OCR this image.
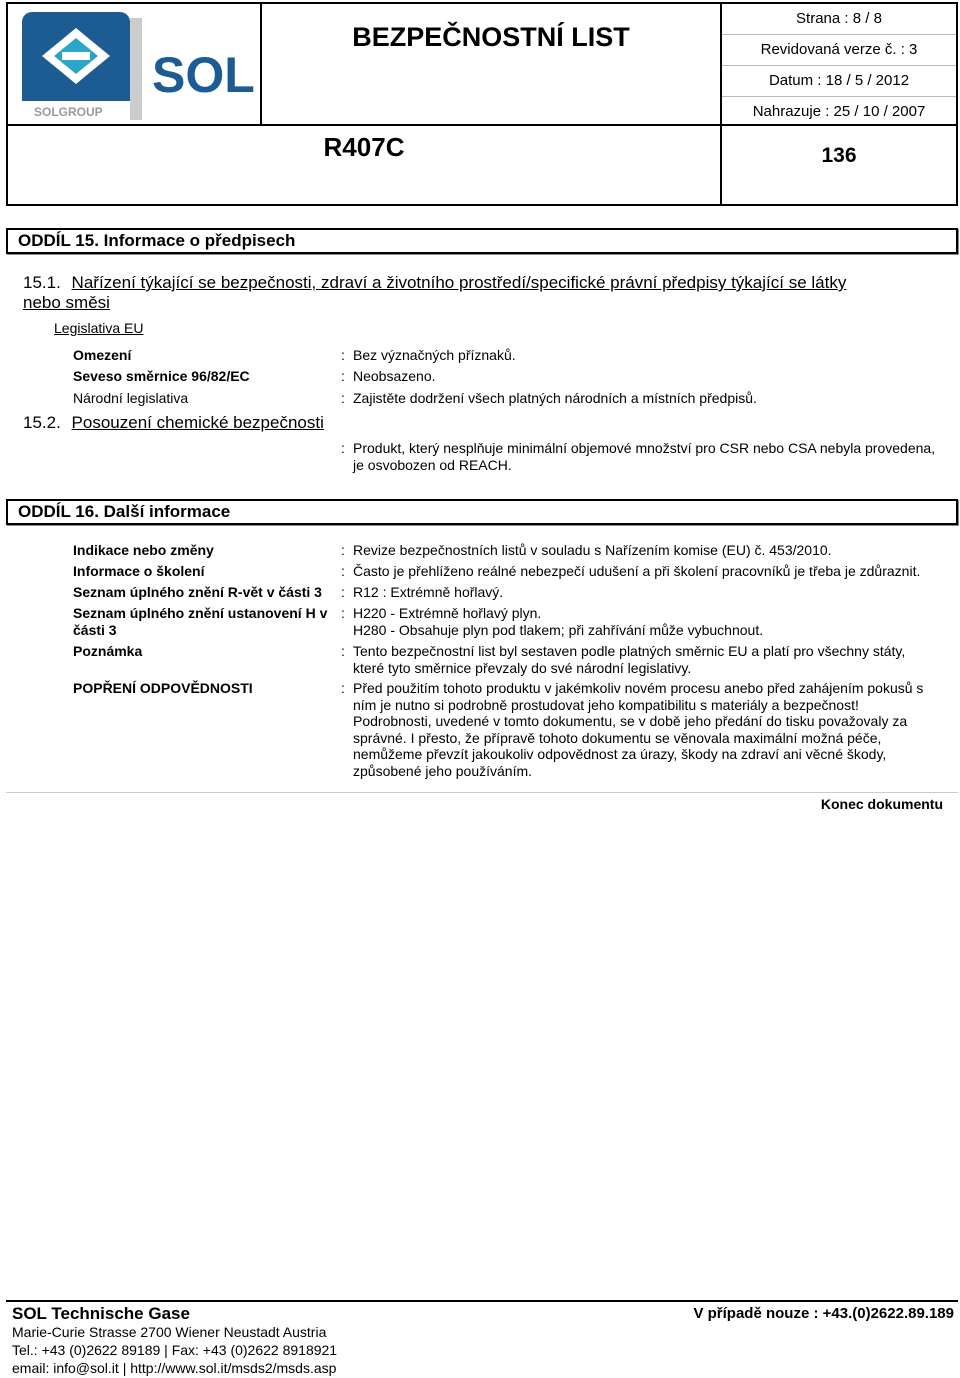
SOL
SOLGROUP
BEZPEČNOSTNÍ LIST
Strana : 8 / 8
Revidovaná verze č. : 3
Datum : 18 / 5 / 2012
Nahrazuje : 25 / 10 / 2007
R407C	136
ODDÍL 15. Informace o předpisech
15.1. Nařízení týkající se bezpečnosti, zdraví a životního prostředí/specifické právní předpisy týkající se látky
nebo směsi
Legislativa EU
Omezení	: Bez význačných příznaků.
Seveso směrnice 96/82/EC	: Neobsazeno.
Národní legislativa	: Zajistěte dodržení všech platných národních a místních předpisů.
15.2. Posouzení chemické bezpečnosti
: Produkt, který nesplňuje minimální objemové množství pro CSR nebo CSA nebyla provedena,
je osvobozen od REACH.
ODDÍL 16. Další informace
Indikace nebo změny	: Revize bezpečnostních listů v souladu s Nařízením komise (EU) č. 453/2010.
Informace o školení	: Často je přehlíženo reálné nebezpečí udušení a při školení pracovníků je třeba je zdůraznit.
Seznam úplného znění R-vět v části 3 : R12 : Extrémně hořlavý.
Seznam úplného znění ustanovení H v
části 3
: H220 - Extrémně hořlavý plyn.
H280 - Obsahuje plyn pod tlakem; při zahřívání může vybuchnout.
Poznámka	: Tento bezpečnostní list byl sestaven podle platných směrnic EU a platí pro všechny státy,
které tyto směrnice převzaly do své národní legislativy.
POPŘENÍ ODPOVĚDNOSTI	: Před použitím tohoto produktu v jakémkoliv novém procesu anebo před zahájením pokusů s
ním je nutno si podrobně prostudovat jeho kompatibilitu s materiály a bezpečnost!
Podrobnosti, uvedené v tomto dokumentu, se v době jeho předání do tisku považovaly za
správné. I přesto, že přípravě tohoto dokumentu se věnovala maximální možná péče,
nemůžeme převzít jakoukoliv odpovědnost za úrazy, škody na zdraví ani věcné škody,
způsobené jeho používáním.
Konec dokumentu
SOL Technische Gase	V případě nouze : +43.(0)2622.89.189
Marie-Curie Strasse 2700 Wiener Neustadt Austria
Tel.: +43 (0)2622 89189 | Fax: +43 (0)2622 8918921
email: info@sol.it | http://www.sol.it/msds2/msds.asp
